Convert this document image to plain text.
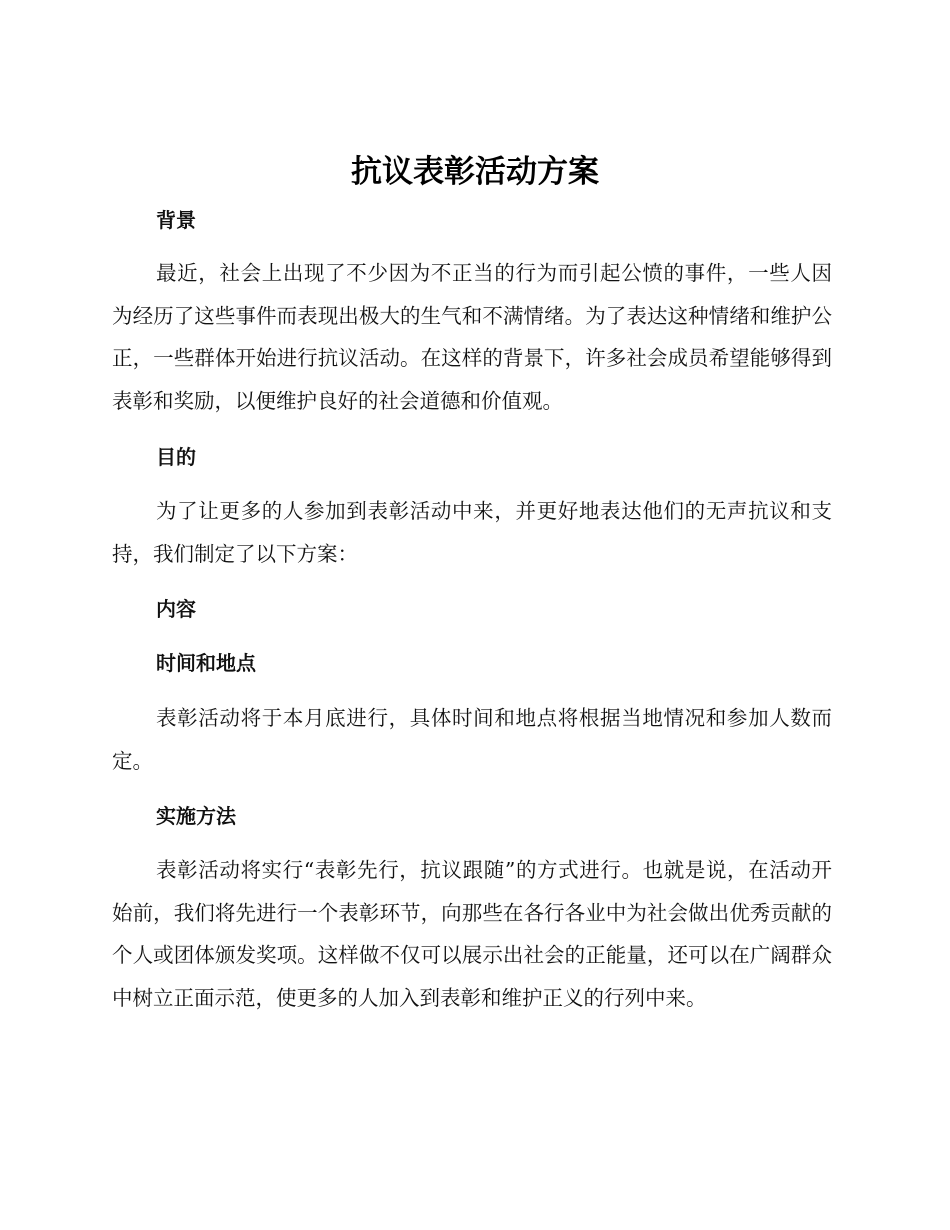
抗议表彰活动方案
背景

最近，社会上出现了不少因为不正当的行为而引起公愤的事件，一些人因为经历了这些事件而表现出极大的生气和不满情绪。为了表达这种情绪和维护公正，一些群体开始进行抗议活动。在这样的背景下，许多社会成员希望能够得到表彰和奖励，以便维护良好的社会道德和价值观。

目的

为了让更多的人参加到表彰活动中来，并更好地表达他们的无声抗议和支持，我们制定了以下方案：

内容
时间和地点

表彰活动将于本月底进行，具体时间和地点将根据当地情况和参加人数而定。

实施方法

表彰活动将实行“表彰先行，抗议跟随”的方式进行。也就是说，在活动开始前，我们将先进行一个表彰环节，向那些在各行各业中为社会做出优秀贡献的个人或团体颁发奖项。这样做不仅可以展示出社会的正能量，还可以在广阔群众中树立正面示范，使更多的人加入到表彰和维护正义的行列中来。
